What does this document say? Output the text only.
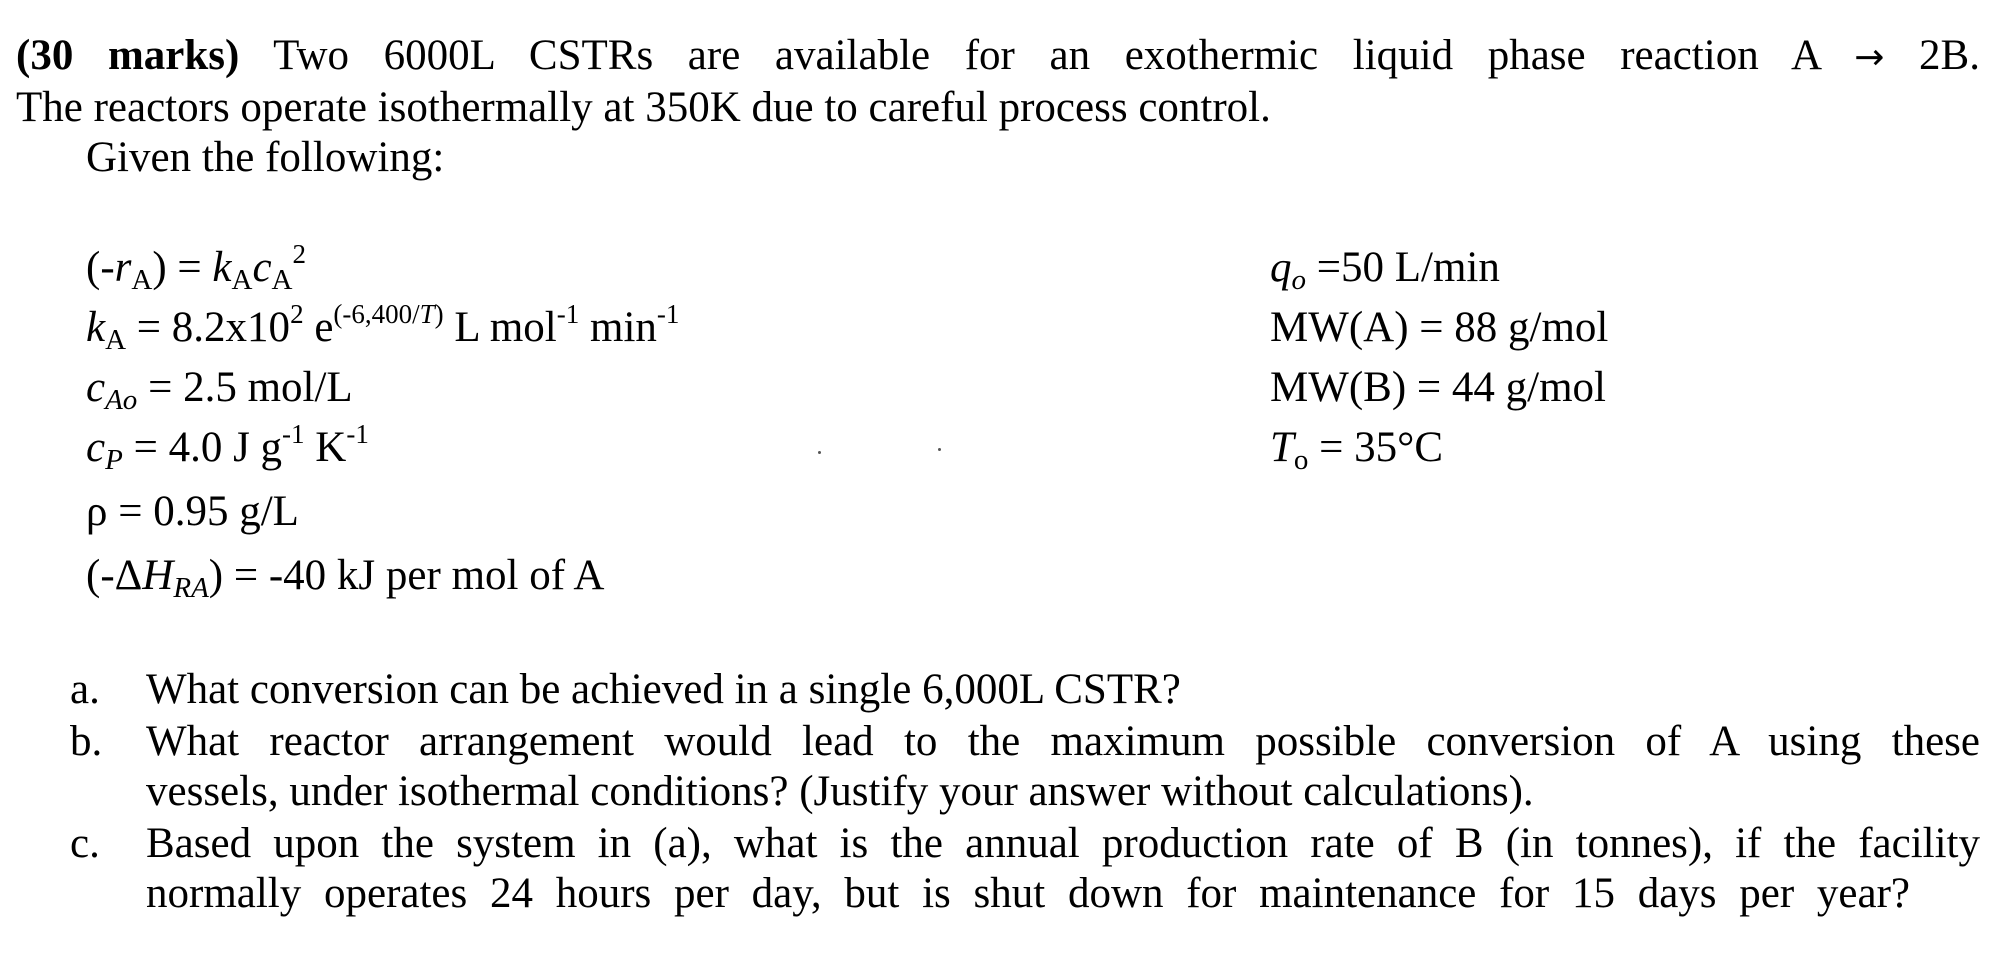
(30 marks) Two 6000L CSTRs are available for an exothermic liquid phase reaction A → 2B.
The reactors operate isothermally at 350K due to careful process control.
Given the following:
$(-r_A) = k_Ac_A^2$
$k_A = 8.2x10^2$ $e^{(-6,400/T)}$ L mol$^{-1}$ $\min^{-1}$
$c_{Ao} = 2.5$ mol/L
$c_P = 4.0$ J $g^{-1}$ $K^{-1}$
ρ = 0.95 g/L
$(-\Delta H_{RA}) = -40$ kJ per mol of A
$q_o =50$ L/min
MW(A) = 88 g/mol
MW(B) = 44 g/mol
$T_o = 35^\circ C$
a. What conversion can be achieved in a single 6,000L CSTR?
b. What reactor arrangement would lead to the maximum possible conversion of A using these
vessels, under isothermal conditions? (Justify your answer without calculations).
c. Based upon the system in (a), what is the annual production rate of B (in tonnes), if the facility
normally operates 24 hours per day, but is shut down for maintenance for 15 days per year?
